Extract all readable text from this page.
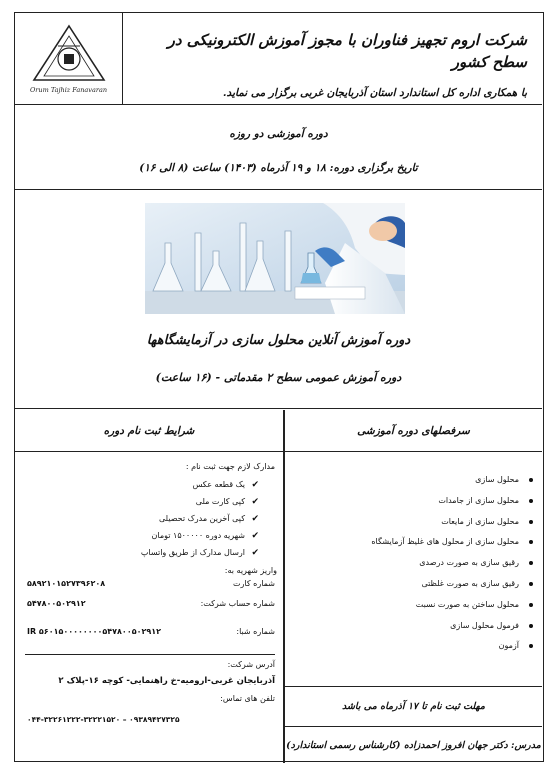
شرکت اروم تجهیز فناوران با مجوز آموزش الکترونیکی در سطح کشور
با همکاری اداره کل استاندارد استان آذربایجان غربی برگزار می نماید.
Orum Tajhiz Fanavaran
دوره آموزشی دو روزه
تاریخ برگزاری دوره: ۱۸ و ۱۹ آذرماه (۱۴۰۳) ساعت (۸ الی ۱۶)
دوره آموزش آنلاین محلول سازی در آزمایشگاهها
دوره آموزش عمومی سطح ۲ مقدماتی - (۱۶ ساعت)
شرایط ثبت نام دوره	سرفصلهای دوره آموزشی
مدارک لازم جهت ثبت نام :
✔
یک قطعه عکس
✔
کپی کارت ملی
✔
کپی آخرین مدرک تحصیلی
✔
شهریه دوره ۱۵۰۰۰۰۰ تومان
✔
ارسال مدارک از طریق واتساپ
واریز شهریه به:
شماره کارت
۵۸۹۲۱۰۱۵۲۷۳۹۶۲۰۸
شماره حساب شرکت:
۵۴۷۸۰۰۵۰۲۹۱۲
شماره شبا:
IR ۵۶۰۱۵۰۰۰۰۰۰۰۰۵۴۷۸۰۰۵۰۲۹۱۲
آدرس شرکت:
آذربایجان غربی-ارومیه-خ راهنمایی- کوچه ۱۶-پلاک ۲
تلفن های تماس:
۰۴۴-۳۲۲۶۱۲۲۲-۳۲۲۲۱۵۲۰ – ۰۹۳۸۹۴۲۷۳۲۵
محلول سازی
محلول سازی از جامدات
محلول سازی از مایعات
محلول سازی از محلول های غلیظ آزمایشگاه
رقیق سازی به صورت درصدی
رقیق سازی به صورت غلظتی
محلول ساختن به صورت نسبت
فرمول محلول سازی
آزمون
مهلت ثبت نام تا ۱۷ آذرماه می باشد
مدرس: دکتر جهان افروز احمدزاده (کارشناس رسمی استاندارد)
